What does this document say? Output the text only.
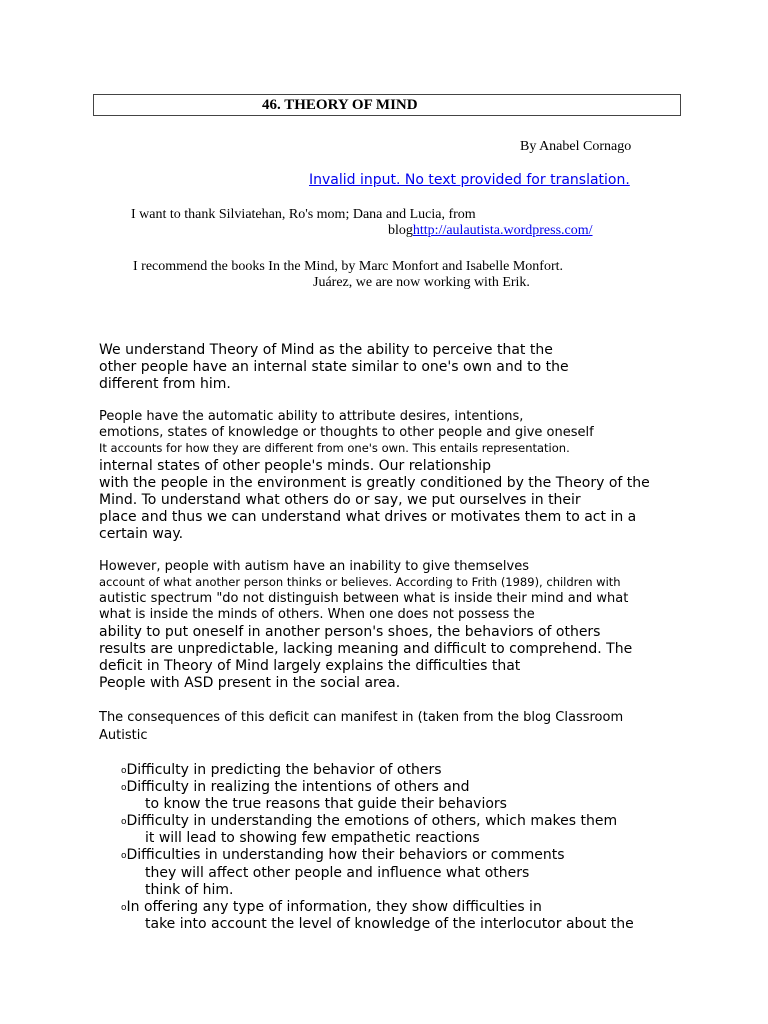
46. THEORY OF MIND
By Anabel Cornago
Invalid input. No text provided for translation.
I want to thank Silviatehan, Ro's mom; Dana and Lucia, from
bloghttp://aulautista.wordpress.com/
I recommend the books In the Mind, by Marc Monfort and Isabelle Monfort.
Juárez, we are now working with Erik.
We understand Theory of Mind as the ability to perceive that the
other people have an internal state similar to one's own and to the
different from him.
People have the automatic ability to attribute desires, intentions,
emotions, states of knowledge or thoughts to other people and give oneself
It accounts for how they are different from one's own. This entails representation.
internal states of other people's minds. Our relationship
with the people in the environment is greatly conditioned by the Theory of the
Mind. To understand what others do or say, we put ourselves in their
place and thus we can understand what drives or motivates them to act in a
certain way.
However, people with autism have an inability to give themselves
account of what another person thinks or believes. According to Frith (1989), children with
autistic spectrum "do not distinguish between what is inside their mind and what
what is inside the minds of others. When one does not possess the
ability to put oneself in another person's shoes, the behaviors of others
results are unpredictable, lacking meaning and difficult to comprehend. The
deficit in Theory of Mind largely explains the difficulties that
People with ASD present in the social area.
The consequences of this deficit can manifest in (taken from the blog Classroom
Autistic
oDifficulty in predicting the behavior of others
oDifficulty in realizing the intentions of others and
to know the true reasons that guide their behaviors
oDifficulty in understanding the emotions of others, which makes them
it will lead to showing few empathetic reactions
oDifficulties in understanding how their behaviors or comments
they will affect other people and influence what others
think of him.
oIn offering any type of information, they show difficulties in
take into account the level of knowledge of the interlocutor about the
